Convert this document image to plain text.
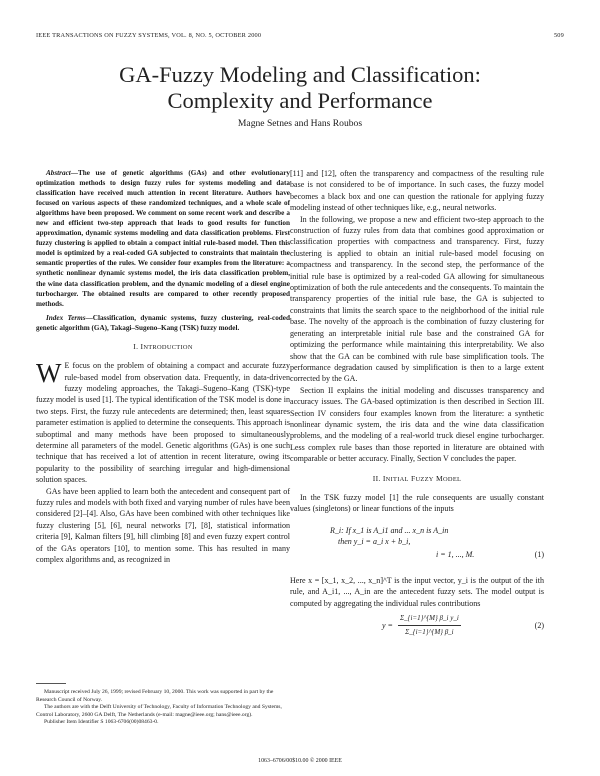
IEEE TRANSACTIONS ON FUZZY SYSTEMS, VOL. 8, NO. 5, OCTOBER 2000	509
GA-Fuzzy Modeling and Classification:
Complexity and Performance
Magne Setnes and Hans Roubos

Abstract—The use of genetic algorithms (GAs) and other evolutionary optimization methods to design fuzzy rules for systems modeling and data classification have received much attention in recent literature. Authors have focused on various aspects of these randomized techniques, and a whole scale of algorithms have been proposed. We comment on some recent work and describe a new and efficient two-step approach that leads to good results for function approximation, dynamic systems modeling and data classification problems. First fuzzy clustering is applied to obtain a compact initial rule-based model. Then this model is optimized by a real-coded GA subjected to constraints that maintain the semantic properties of the rules. We consider four examples from the literature: a synthetic nonlinear dynamic systems model, the iris data classification problem, the wine data classification problem, and the dynamic modeling of a diesel engine turbocharger. The obtained results are compared to other recently proposed methods.

Index Terms—Classification, dynamic systems, fuzzy clustering, real-coded genetic algorithm (GA), Takagi–Sugeno–Kang (TSK) fuzzy model.

I. INTRODUCTION

W E focus on the problem of obtaining a compact and accurate fuzzy rule-based model from observation data. Frequently, in data-driven fuzzy modeling approaches, the Takagi–Sugeno–Kang (TSK)-type fuzzy model is used [1]. The typical identification of the TSK model is done in two steps. First, the fuzzy rule antecedents are determined; then, least squares parameter estimation is applied to determine the consequents. This approach is suboptimal and many methods have been proposed to simultaneously determine all parameters of the model. Genetic algorithms (GAs) is one such technique that has received a lot of attention in recent literature, owing its popularity to the possibility of searching irregular and high-dimensional solution spaces.

GAs have been applied to learn both the antecedent and consequent part of fuzzy rules and models with both fixed and varying number of rules have been considered [2]–[4]. Also, GAs have been combined with other techniques like fuzzy clustering [5], [6], neural networks [7], [8], statistical information criteria [9], Kalman filters [9], hill climbing [8] and even fuzzy expert control of the GAs operators [10], to mention some. This has resulted in many complex algorithms and, as recognized in

[11] and [12], often the transparency and compactness of the resulting rule base is not considered to be of importance. In such cases, the fuzzy model becomes a black box and one can question the rationale for applying fuzzy modeling instead of other techniques like, e.g., neural networks.

In the following, we propose a new and efficient two-step approach to the construction of fuzzy rules from data that combines good approximation or classification properties with compactness and transparency. First, fuzzy clustering is applied to obtain an initial rule-based model focusing on compactness and transparency. In the second step, the performance of the initial rule base is optimized by a real-coded GA allowing for simultaneous optimization of both the rule antecedents and the consequents. To maintain the transparency properties of the initial rule base, the GA is subjected to constraints that limits the search space to the neighborhood of the initial rule base. The novelty of the approach is the combination of fuzzy clustering for generating an interpretable initial rule base and the constrained GA for optimizing the performance while maintaining this interpretability. We also show that the GA can be combined with rule base simplification tools. The performance degradation caused by simplification is then to a large extent corrected by the GA.

Section II explains the initial modeling and discusses transparency and accuracy issues. The GA-based optimization is then described in Section III. Section IV considers four examples known from the literature: a synthetic nonlinear dynamic system, the iris data and the wine data classification problems, and the modeling of a real-world truck diesel engine turbocharger. Less complex rule bases than those reported in literature are obtained with comparable or better accuracy. Finally, Section V concludes the paper.

II. INITIAL FUZZY MODEL

In the TSK fuzzy model [1] the rule consequents are usually constant values (singletons) or linear functions of the inputs

R_i: If x_1 is A_i1 and ... x_n is A_in
then y_i = a_i x + b_i,
i = 1, ..., M.	(1)

Here x = [x_1, x_2, ..., x_n]^T is the input vector, y_i is the output of the ith rule, and A_i1, ..., A_in are the antecedent fuzzy sets. The model output is computed by aggregating the individual rules contributions

$y = \frac{\text{Σ\_\{i=1\}\textasciicircum{}\{M\} β\_i y\_i}}{\Sigma\_\{i=1\}\^{}\{M\} \beta\_i}$	(2)

Manuscript received July 26, 1999; revised February 10, 2000. This work was supported in part by the Research Council of Norway.

The authors are with the Delft University of Technology, Faculty of Information Technology and Systems, Control Laboratory, 2600 GA Delft, The Netherlands (e-mail: magne@ieee.org; hans@ieee.org).

Publisher Item Identifier S 1063-6706(00)08463-0.

1063–6706/00$10.00 © 2000 IEEE
